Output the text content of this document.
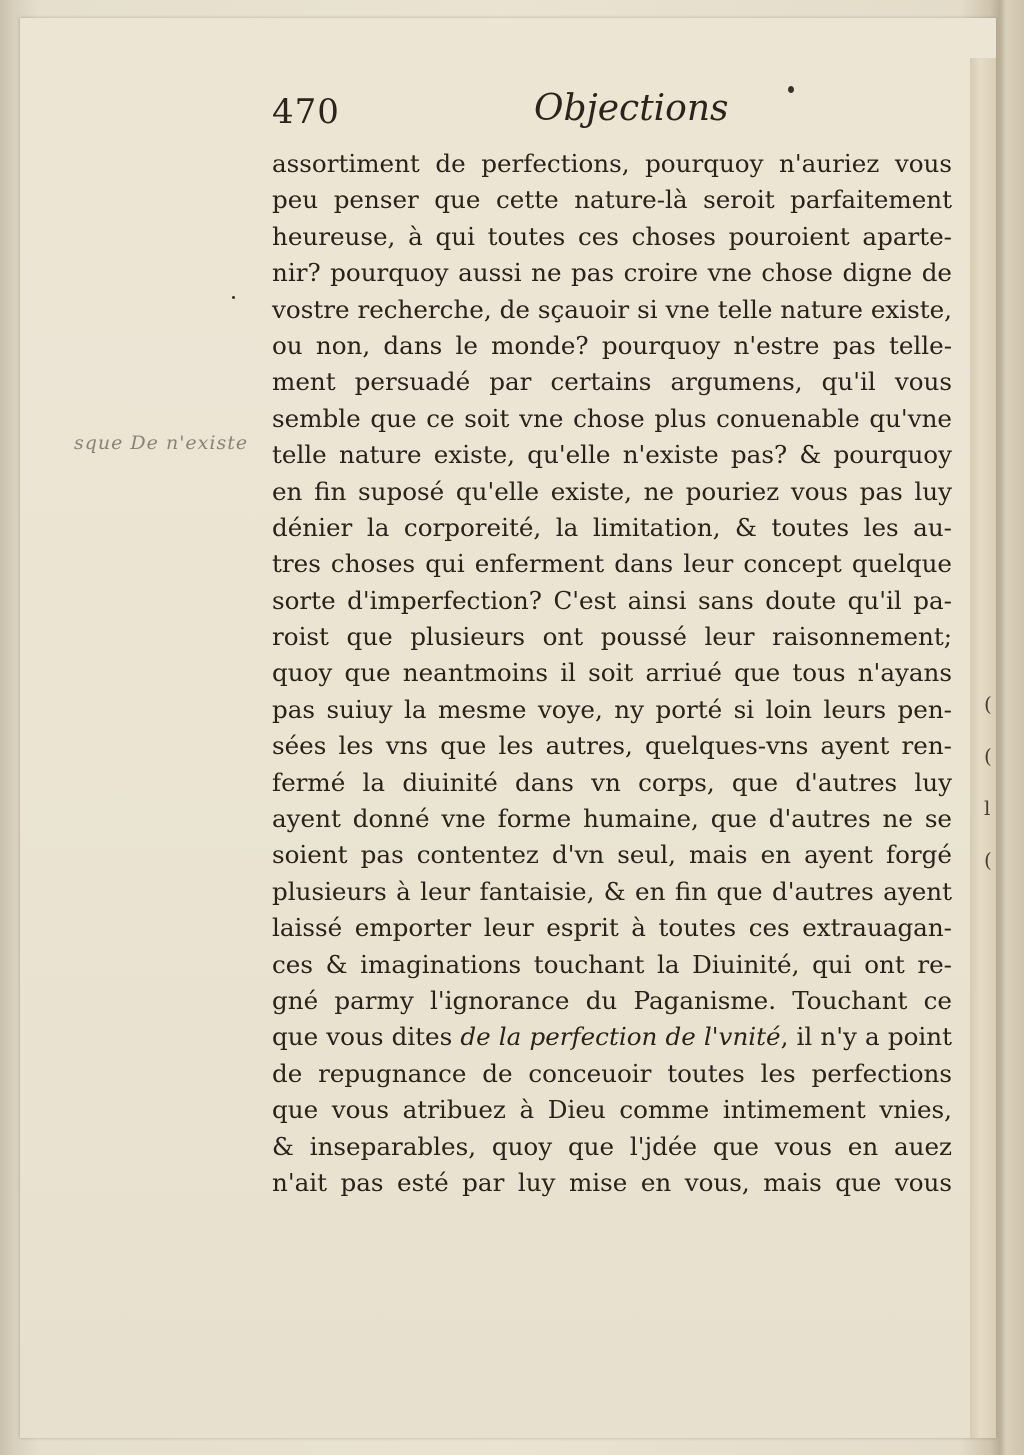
(
(
l
(
470	Objections
sque De n'existe
assortiment de perfections, pourquoy n'auriez vous
peu penser que cette nature-là seroit parfaitement
heureuse, à qui toutes ces choses pouroient aparte-
nir? pourquoy aussi ne pas croire vne chose digne de
vostre recherche, de sçauoir si vne telle nature existe,
ou non, dans le monde? pourquoy n'estre pas telle-
ment persuadé par certains argumens, qu'il vous
semble que ce soit vne chose plus conuenable qu'vne
telle nature existe, qu'elle n'existe pas? & pourquoy
en fin suposé qu'elle existe, ne pouriez vous pas luy
dénier la corporeité, la limitation, & toutes les au-
tres choses qui enferment dans leur concept quelque
sorte d'imperfection? C'est ainsi sans doute qu'il pa-
roist que plusieurs ont poussé leur raisonnement;
quoy que neantmoins il soit arriué que tous n'ayans
pas suiuy la mesme voye, ny porté si loin leurs pen-
sées les vns que les autres, quelques-vns ayent ren-
fermé la diuinité dans vn corps, que d'autres luy
ayent donné vne forme humaine, que d'autres ne se
soient pas contentez d'vn seul, mais en ayent forgé
plusieurs à leur fantaisie, & en fin que d'autres ayent
laissé emporter leur esprit à toutes ces extrauagan-
ces & imaginations touchant la Diuinité, qui ont re-
gné parmy l'ignorance du Paganisme. Touchant ce
que vous dites de la perfection de l'vnité, il n'y a point
de repugnance de conceuoir toutes les perfections
que vous atribuez à Dieu comme intimement vnies,
& inseparables, quoy que l'jdée que vous en auez
n'ait pas esté par luy mise en vous, mais que vous
